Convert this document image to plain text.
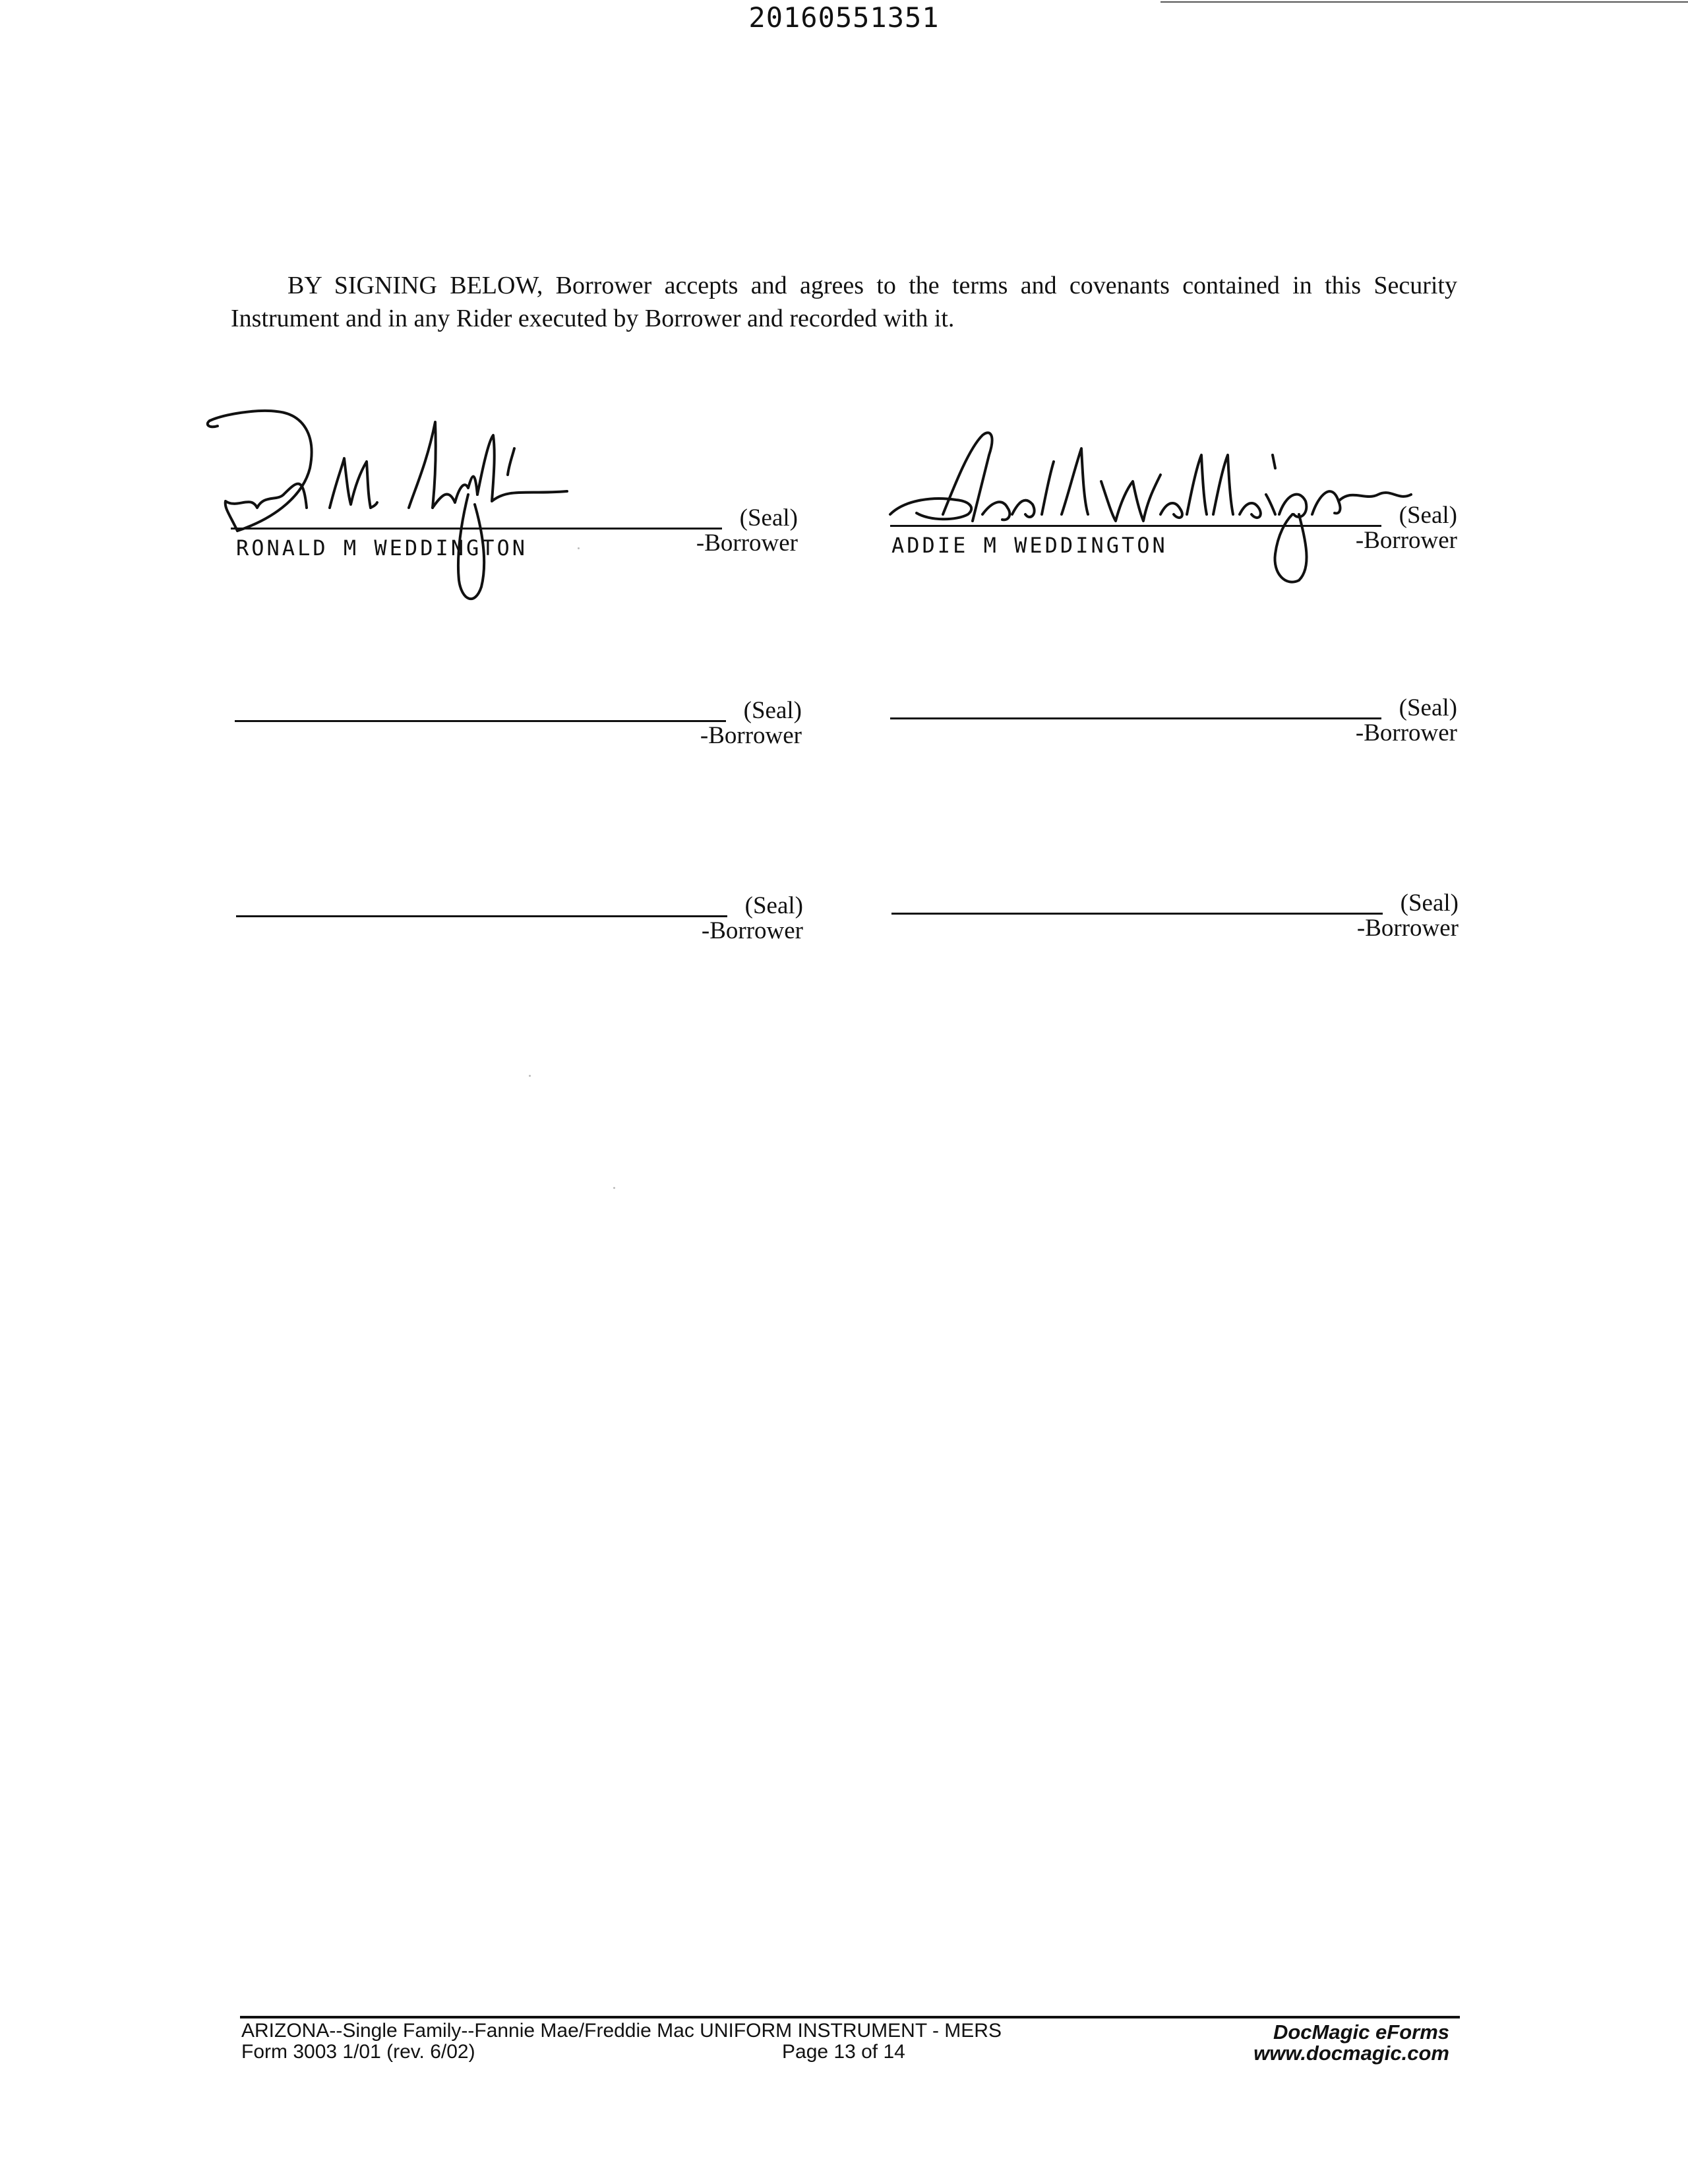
20160551351
BY SIGNING BELOW, Borrower accepts and agrees to the terms and covenants contained in this Security Instrument and in any Rider executed by Borrower and recorded with it.
(Seal)
-Borrower
RONALD M WEDDINGTON
(Seal)
-Borrower
ADDIE M WEDDINGTON
(Seal)
-Borrower
(Seal)
-Borrower
(Seal)
-Borrower
(Seal)
-Borrower
ARIZONA--Single Family--Fannie Mae/Freddie Mac UNIFORM INSTRUMENT - MERS
Form 3003 1/01 (rev. 6/02)	Page 13 of 14
DocMagic eForms
www.docmagic.com
